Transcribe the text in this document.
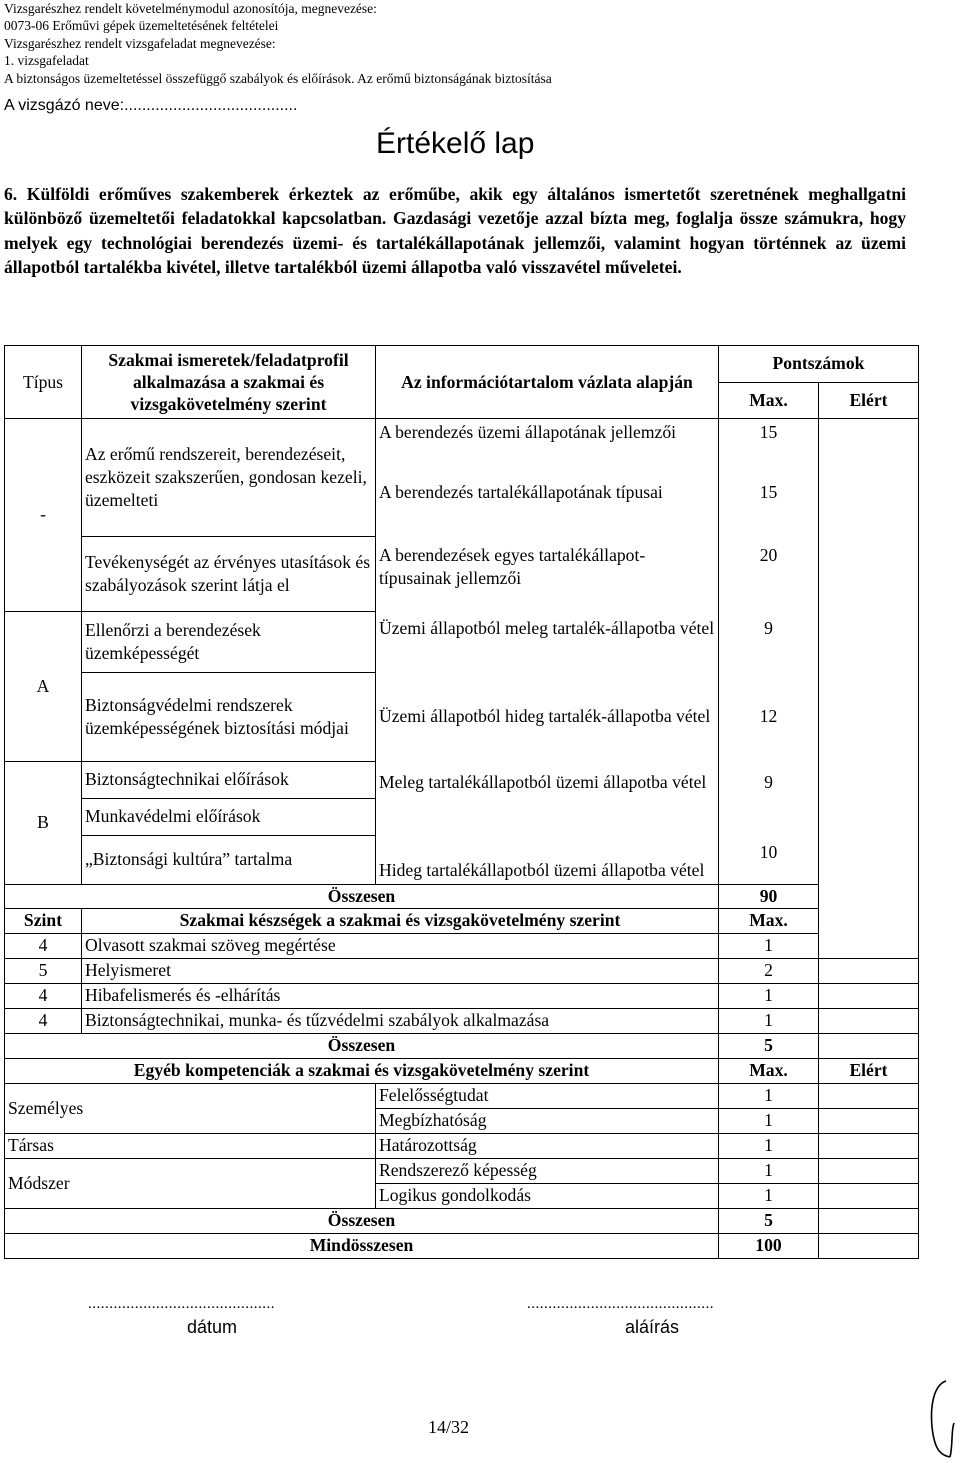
Vizsgarészhez rendelt követelménymodul azonosítója, megnevezése:
0073-06 Erőművi gépek üzemeltetésének feltételei
Vizsgarészhez rendelt vizsgafeladat megnevezése:
1. vizsgafeladat
A biztonságos üzemeltetéssel összefüggő szabályok és előírások. Az erőmű biztonságának biztosítása
A vizsgázó neve:.......................................
Értékelő lap
6. Külföldi erőműves szakemberek érkeztek az erőműbe, akik egy általános ismertetőt szeretnének meghallgatni különböző üzemeltetői feladatokkal kapcsolatban. Gazdasági vezetője azzal bízta meg, foglalja össze számukra, hogy melyek egy technológiai berendezés üzemi- és tartalékállapotának jellemzői, valamint hogyan történnek az üzemi állapotból tartalékba kivétel, illetve tartalékból üzemi állapotba való visszavétel műveletei.
Típus	Szakmai ismeretek/feladatprofil alkalmazása a szakmai és vizsgakövetelmény szerint	Az információtartalom vázlata alapján	Pontszámok	
			Max.	Elért
-	Az erőmű rendszereit, berendezéseit, eszközeit szakszerűen, gondosan kezeli, üzemelteti	A berendezés üzemi állapotának jellemzői	15	
		A berendezés tartalékállapotának típusai	15	
	Tevékenységét az érvényes utasítások és szabályozások szerint látja el	A berendezések egyes tartalékállapot-típusainak jellemzői	20	
A	Ellenőrzi a berendezések üzemképességét	Üzemi állapotból meleg tartalék-állapotba vétel	9	
	Biztonságvédelmi rendszerek üzemképességének biztosítási módjai	Üzemi állapotból hideg tartalék-állapotba vétel	12	
B	Biztonságtechnikai előírások	Meleg tartalékállapotból üzemi állapotba vétel	9	
	Munkavédelmi előírások			
	„Biztonsági kultúra” tartalma	Hideg tartalékállapotból üzemi állapotba vétel	10	
Összesen			90	
Szint	Szakmai készségek a szakmai és vizsgakövetelmény szerint		Max.	
4	Olvasott szakmai szöveg megértése		1
5	Helyismeret		2	
4	Hibafelismerés és -elhárítás		1	
4	Biztonságtechnikai, munka- és tűzvédelmi szabályok alkalmazása		1	
Összesen			5	
Egyéb kompetenciák a szakmai és vizsgakövetelmény szerint			Max.	Elért
Személyes		Felelősségtudat	1	
		Megbízhatóság	1	
Társas		Határozottság	1	
Módszer		Rendszerező képesség	1	
		Logikus gondolkodás	1	
Összesen			5	
Mindösszesen			100	
............................................	............................................
dátum	aláírás
14/32
